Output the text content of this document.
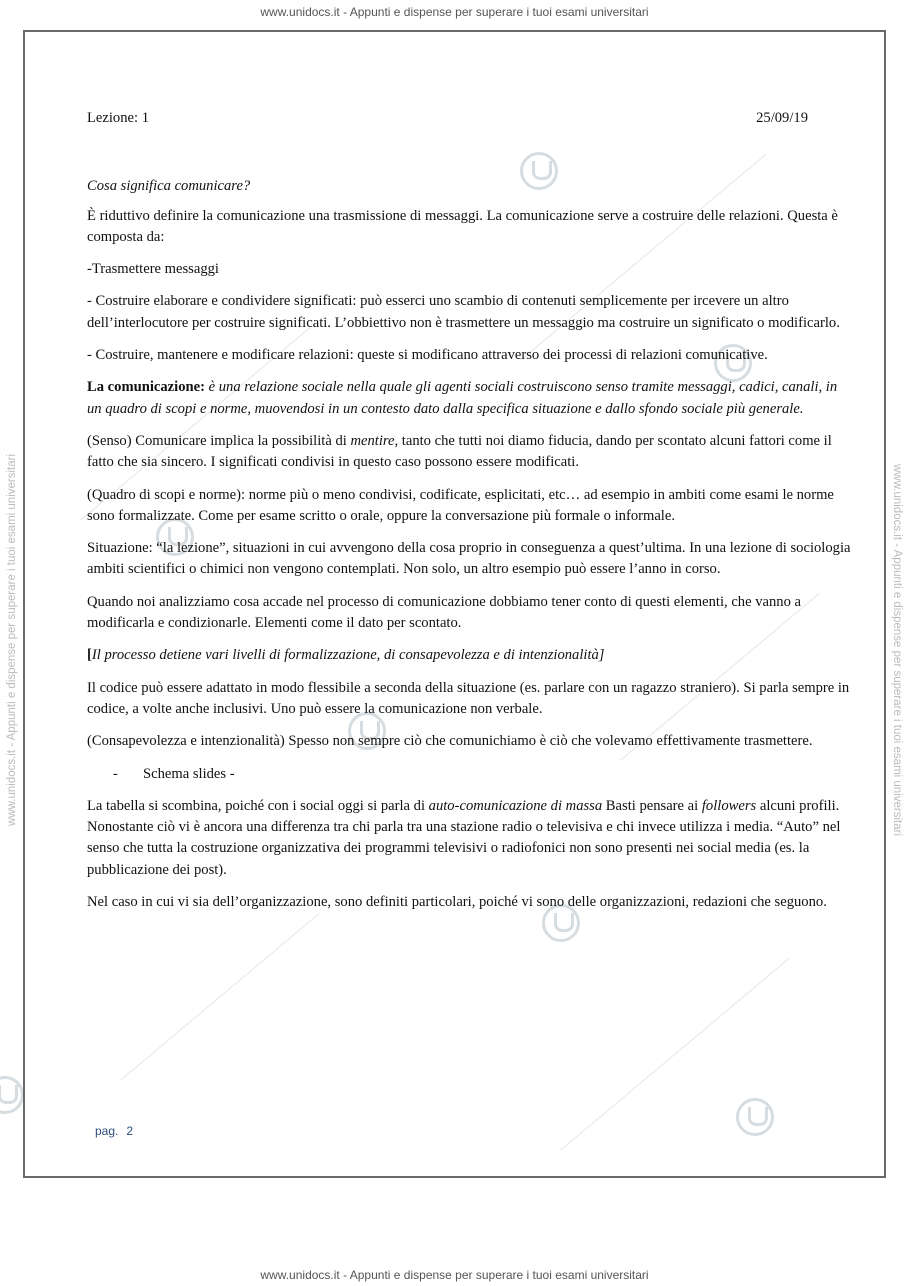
www.unidocs.it - Appunti e dispense per superare i tuoi esami universitari
www.unidocs.it - Appunti e dispense per superare i tuoi esami universitari
www.unidocs.it - Appunti e dispense per superare i tuoi esami universitari	www.unidocs.it - Appunti e dispense per superare i tuoi esami universitari
Lezione: 1	25/09/19

Cosa significa comunicare?

È riduttivo definire la comunicazione una trasmissione di messaggi. La comunicazione serve a costruire delle relazioni. Questa è composta da:

-Trasmettere messaggi

- Costruire elaborare e condividere significati: può esserci uno scambio di contenuti semplicemente per ircevere un altro dell’interlocutore per costruire significati. L’obbiettivo non è trasmettere un messaggio ma costruire un significato o modificarlo.

- Costruire, mantenere e modificare relazioni: queste si modificano attraverso dei processi di relazioni comunicative.

La comunicazione: è una relazione sociale nella quale gli agenti sociali costruiscono senso tramite messaggi, cadici, canali, in un quadro di scopi e norme, muovendosi in un contesto dato dalla specifica situazione e dallo sfondo sociale più generale.

(Senso) Comunicare implica la possibilità di mentire, tanto che tutti noi diamo fiducia, dando per scontato alcuni fattori come il fatto che sia sincero. I significati condivisi in questo caso possono essere modificati.

(Quadro di scopi e norme): norme più o meno condivisi, codificate, esplicitati, etc… ad esempio in ambiti come esami le norme sono formalizzate. Come per esame scritto o orale, oppure la conversazione più formale o informale.

Situazione: “la lezione”, situazioni in cui avvengono della cosa proprio in conseguenza a quest’ultima. In una lezione di sociologia ambiti scientifici o chimici non vengono contemplati. Non solo, un altro esempio può essere l’anno in corso.

Quando noi analizziamo cosa accade nel processo di comunicazione dobbiamo tener conto di questi elementi, che vanno a modificarla e condizionarle. Elementi come il dato per scontato.

[Il processo detiene vari livelli di formalizzazione, di consapevolezza e di intenzionalità]

Il codice può essere adattato in modo flessibile a seconda della situazione (es. parlare con un ragazzo straniero). Si parla sempre in codice, a volte anche inclusivi. Uno può essere la comunicazione non verbale.

(Consapevolezza e intenzionalità) Spesso non sempre ciò che comunichiamo è ciò che volevamo effettivamente trasmettere.

-	Schema slides -

La tabella si scombina, poiché con i social oggi si parla di auto-comunicazione di massa Basti pensare ai followers alcuni profili. Nonostante ciò vi è ancora una differenza tra chi parla tra una stazione radio o televisiva e chi invece utilizza i media. “Auto” nel senso che tutta la costruzione organizzativa dei programmi televisivi o radiofonici non sono presenti nei social media (es. la pubblicazione dei post).

Nel caso in cui vi sia dell’organizzazione, sono definiti particolari, poiché vi sono delle organizzazioni, redazioni che seguono.

pag. 2
